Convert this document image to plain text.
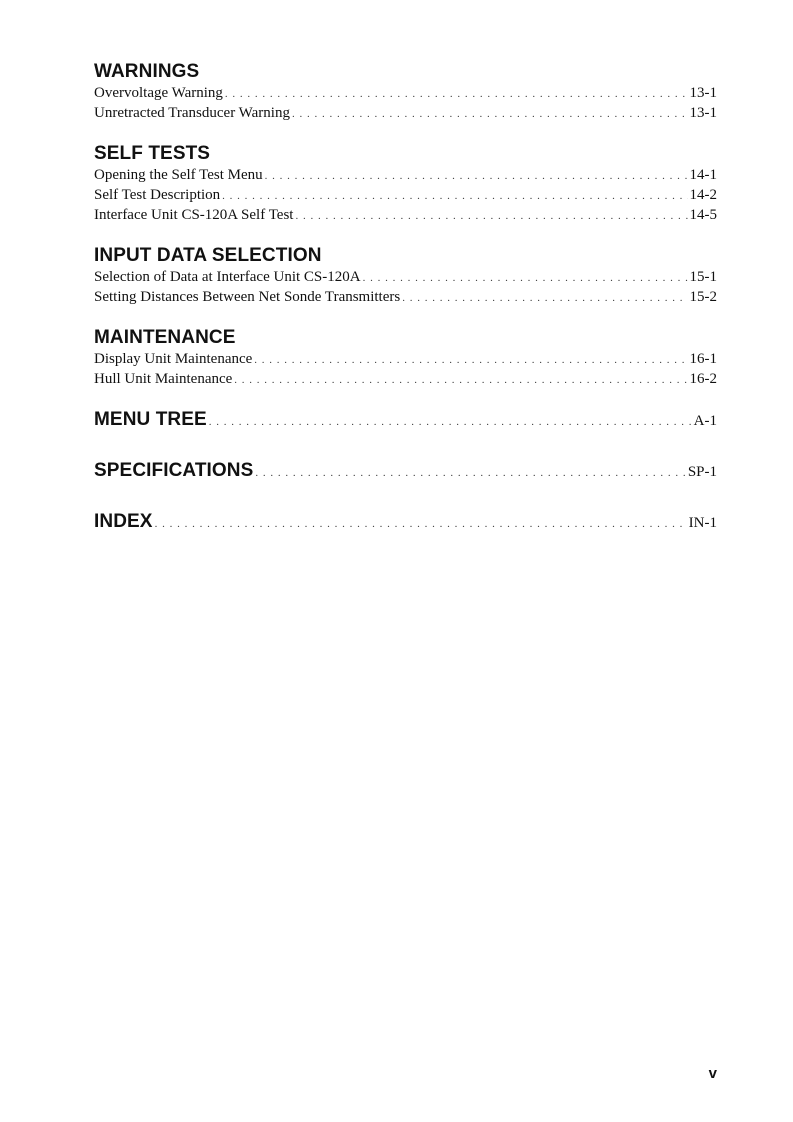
WARNINGS
Overvoltage Warning . . .	13-1
Unretracted Transducer Warning . . .	13-1
SELF TESTS
Opening the Self Test Menu . . .	14-1
Self Test Description . . .	14-2
Interface Unit CS-120A Self Test . . .	14-5
INPUT DATA SELECTION
Selection of Data at Interface Unit CS-120A . . .	15-1
Setting Distances Between Net Sonde Transmitters . . .	15-2
MAINTENANCE
Display Unit Maintenance . . .	16-1
Hull Unit Maintenance . . .	16-2
MENU TREE . . .	A-1
SPECIFICATIONS . . .	SP-1
INDEX . . .	IN-1
v
